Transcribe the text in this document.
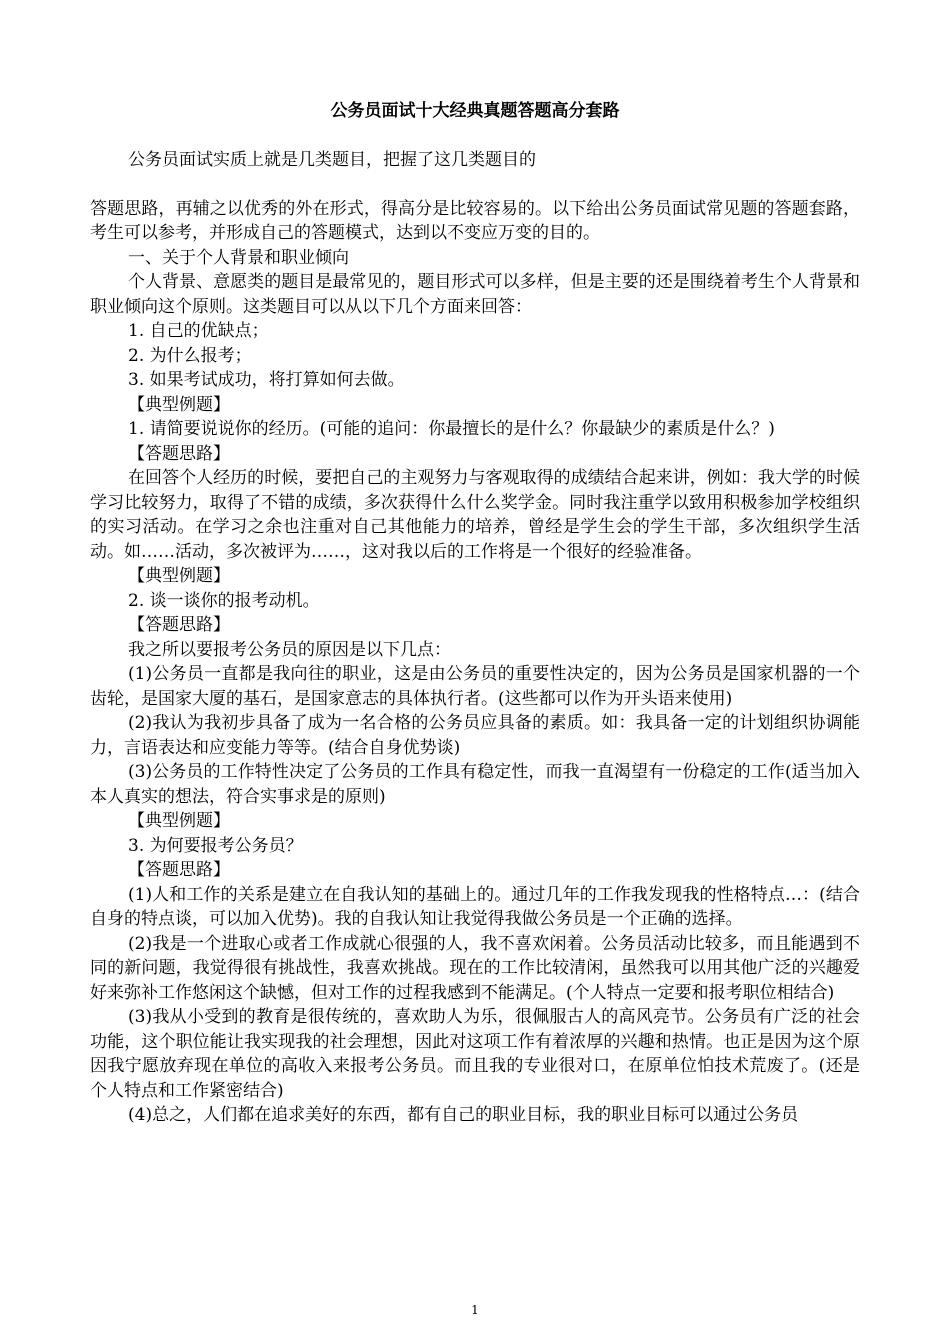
公务员面试十大经典真题答题高分套路

公务员面试实质上就是几类题目，把握了这几类题目的

答题思路，再辅之以优秀的外在形式，得高分是比较容易的。以下给出公务员面试常见题的答题套路，考生可以参考，并形成自己的答题模式，达到以不变应万变的目的。

一、关于个人背景和职业倾向

个人背景、意愿类的题目是最常见的，题目形式可以多样，但是主要的还是围绕着考生个人背景和职业倾向这个原则。这类题目可以从以下几个方面来回答：

1. 自己的优缺点；

2. 为什么报考；

3. 如果考试成功，将打算如何去做。

【典型例题】

1. 请简要说说你的经历。(可能的追问：你最擅长的是什么？你最缺少的素质是什么？)

【答题思路】

在回答个人经历的时候，要把自己的主观努力与客观取得的成绩结合起来讲，例如：我大学的时候学习比较努力，取得了不错的成绩，多次获得什么什么奖学金。同时我注重学以致用积极参加学校组织的实习活动。在学习之余也注重对自己其他能力的培养，曾经是学生会的学生干部，多次组织学生活动。如……活动，多次被评为……，这对我以后的工作将是一个很好的经验准备。

【典型例题】

2. 谈一谈你的报考动机。

【答题思路】

我之所以要报考公务员的原因是以下几点：

(1)公务员一直都是我向往的职业，这是由公务员的重要性决定的，因为公务员是国家机器的一个齿轮，是国家大厦的基石，是国家意志的具体执行者。(这些都可以作为开头语来使用)

(2)我认为我初步具备了成为一名合格的公务员应具备的素质。如：我具备一定的计划组织协调能力，言语表达和应变能力等等。(结合自身优势谈)

(3)公务员的工作特性决定了公务员的工作具有稳定性，而我一直渴望有一份稳定的工作(适当加入本人真实的想法，符合实事求是的原则)

【典型例题】

3. 为何要报考公务员？

【答题思路】

(1)人和工作的关系是建立在自我认知的基础上的。通过几年的工作我发现我的性格特点…：(结合自身的特点谈，可以加入优势)。我的自我认知让我觉得我做公务员是一个正确的选择。

(2)我是一个进取心或者工作成就心很强的人，我不喜欢闲着。公务员活动比较多，而且能遇到不同的新问题，我觉得很有挑战性，我喜欢挑战。现在的工作比较清闲，虽然我可以用其他广泛的兴趣爱好来弥补工作悠闲这个缺憾，但对工作的过程我感到不能满足。(个人特点一定要和报考职位相结合)

(3)我从小受到的教育是很传统的，喜欢助人为乐，很佩服古人的高风亮节。公务员有广泛的社会功能，这个职位能让我实现我的社会理想，因此对这项工作有着浓厚的兴趣和热情。也正是因为这个原因我宁愿放弃现在单位的高收入来报考公务员。而且我的专业很对口，在原单位怕技术荒废了。(还是个人特点和工作紧密结合)

(4)总之，人们都在追求美好的东西，都有自己的职业目标，我的职业目标可以通过公务员

1
